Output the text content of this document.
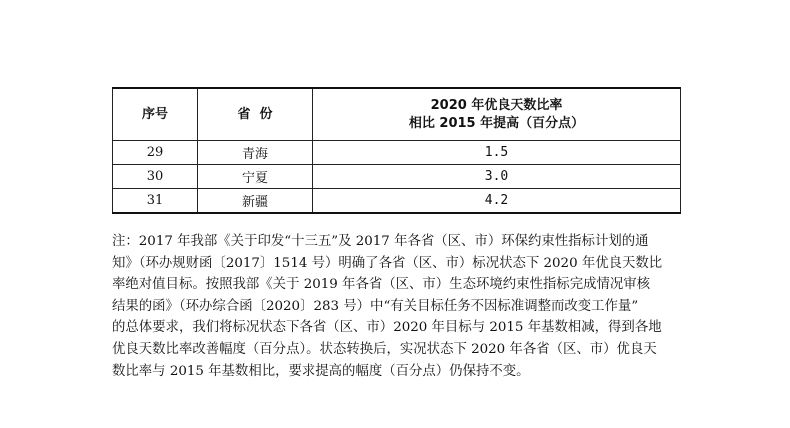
序号	省  份	2020 年优良天数比率
相比 2015 年提高（百分点）

29	青海	1.5
30	宁夏	3.0
31	新疆	4.2

注：2017 年我部《关于印发“十三五”及 2017 年各省（区、市）环保约束性指标计划的通
知》（环办规财函〔2017〕1514 号）明确了各省（区、市）标况状态下 2020 年优良天数比
率绝对值目标。按照我部《关于 2019 年各省（区、市）生态环境约束性指标完成情况审核
结果的函》（环办综合函〔2020〕283 号）中“有关目标任务不因标准调整而改变工作量”
的总体要求，我们将标况状态下各省（区、市）2020 年目标与 2015 年基数相减，得到各地
优良天数比率改善幅度（百分点）。状态转换后，实况状态下 2020 年各省（区、市）优良天
数比率与 2015 年基数相比，要求提高的幅度（百分点）仍保持不变。
